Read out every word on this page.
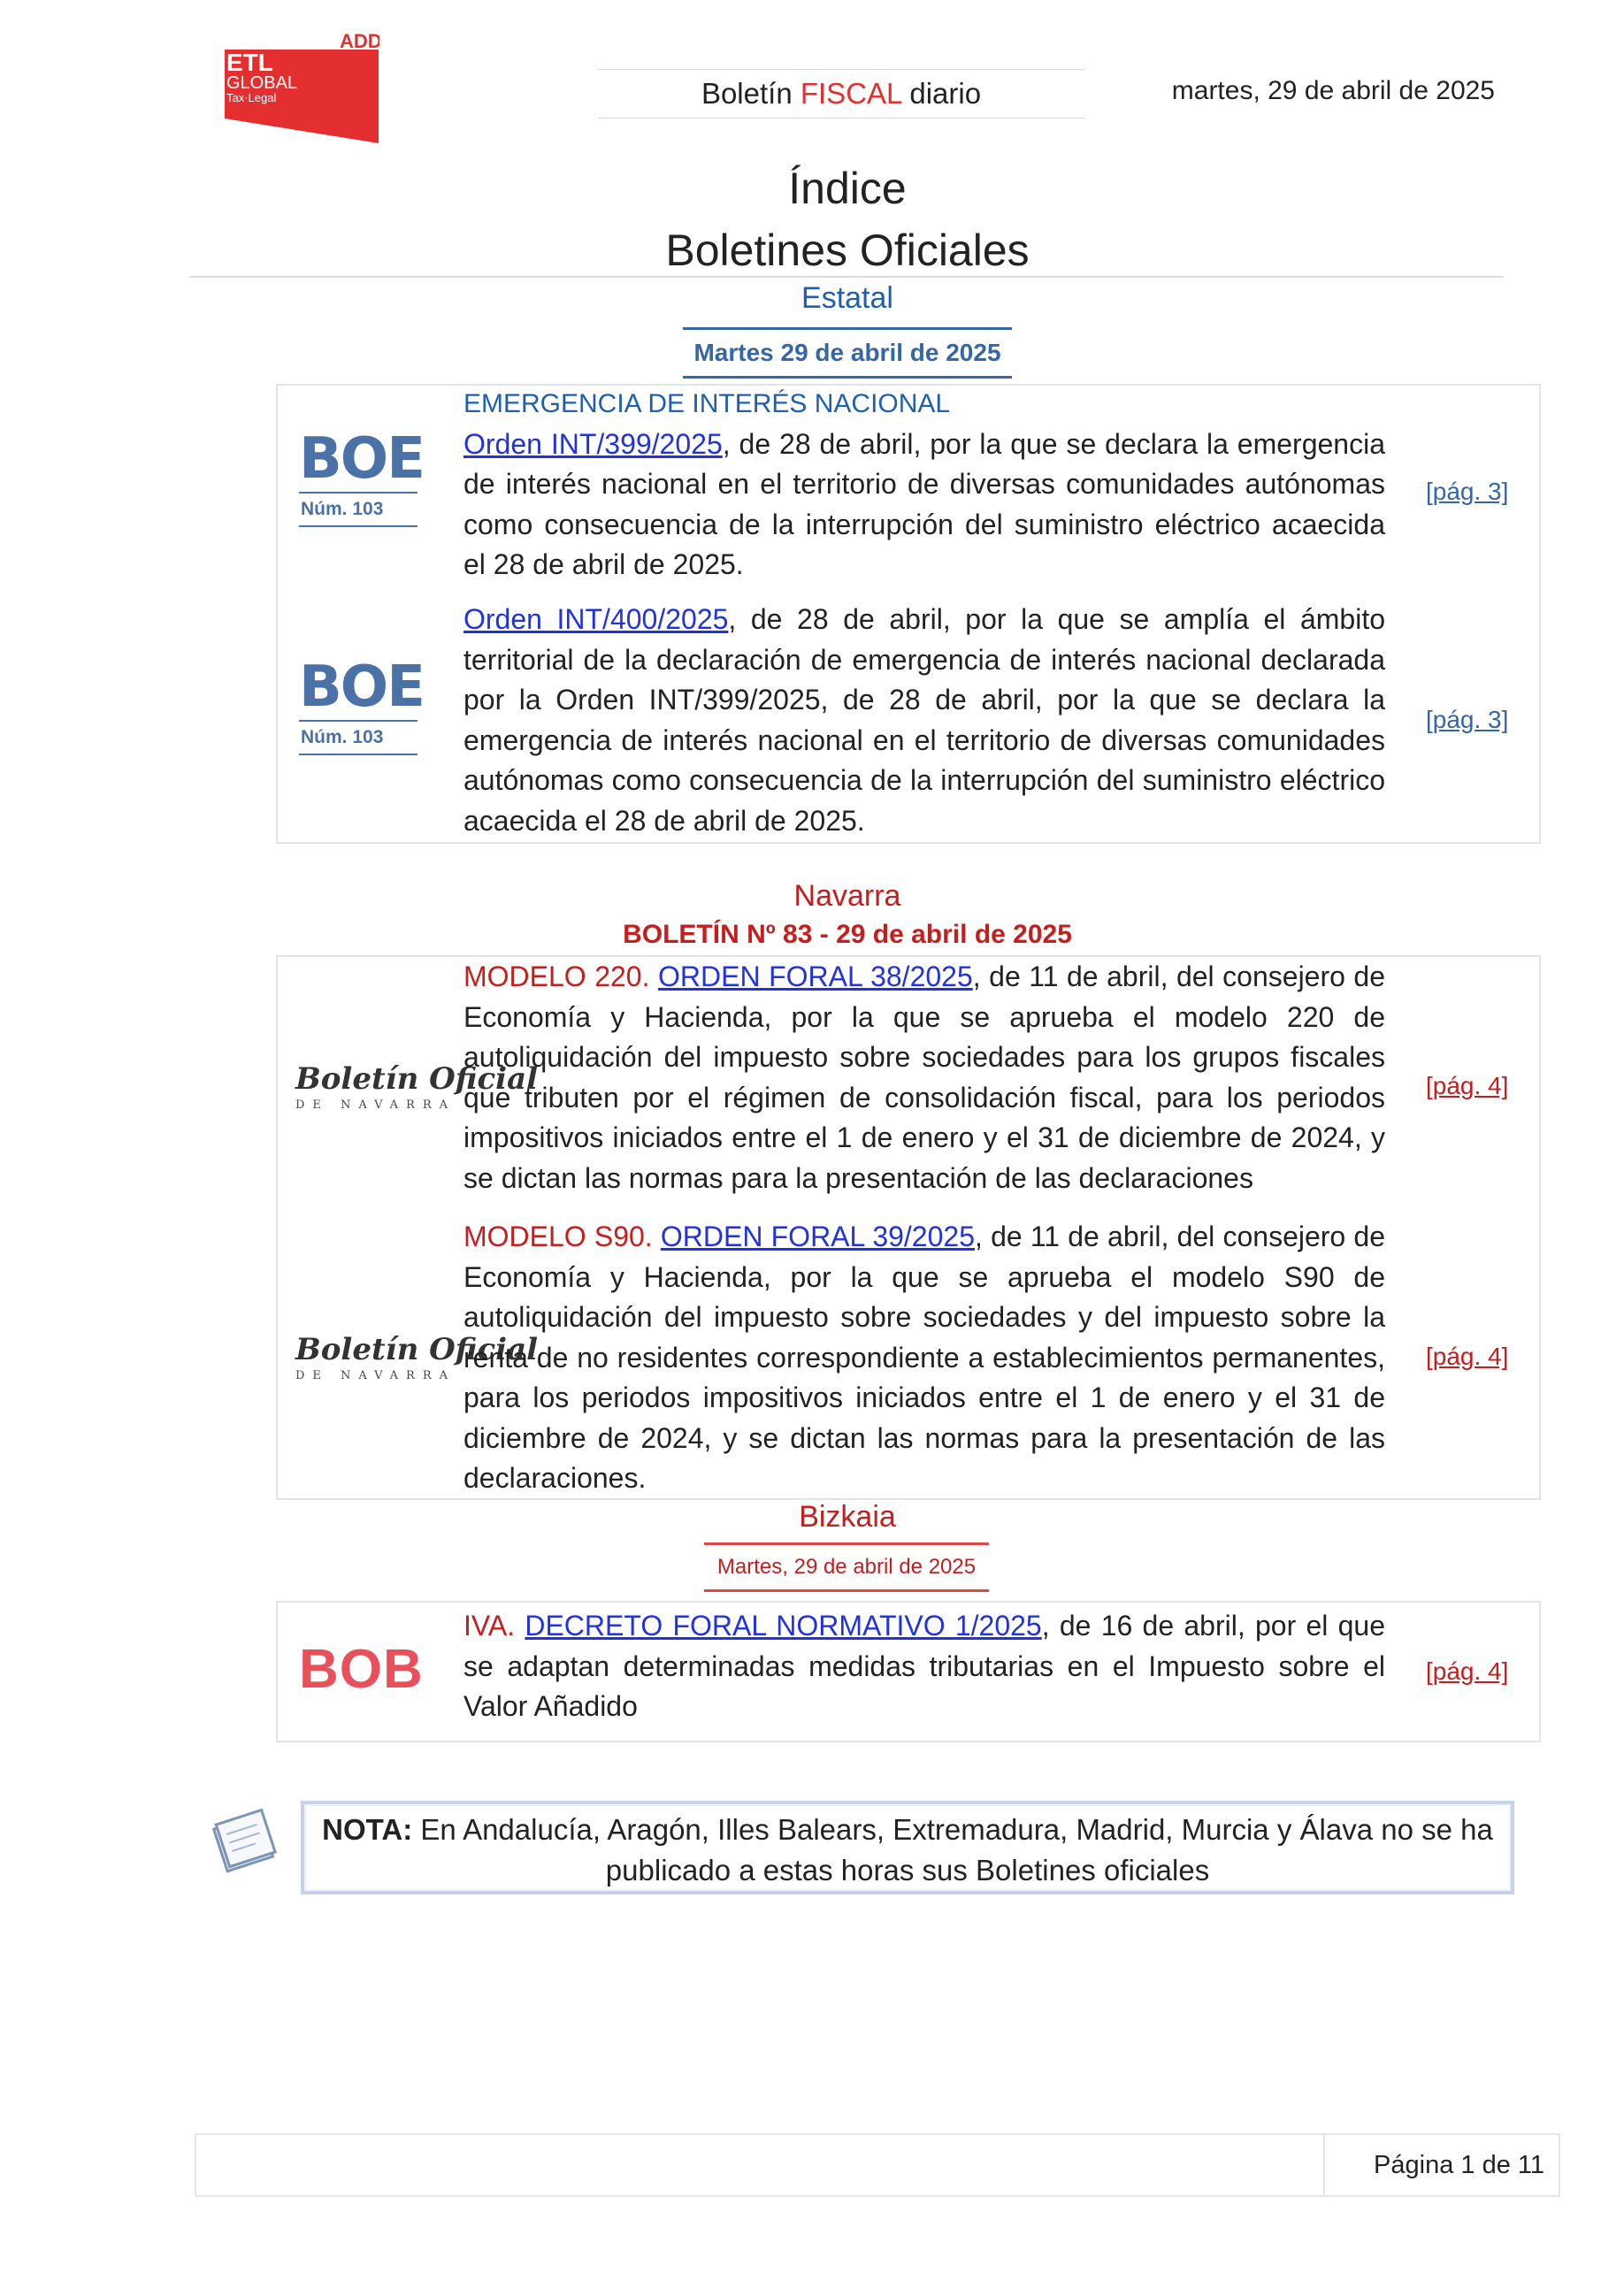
ADD
ETL
GLOBAL
Tax·Legal	Boletín FISCAL diario	martes, 29 de abril de 2025
Índice
Boletines Oficiales
Estatal
Martes 29 de abril de 2025
BOE
Núm. 103
EMERGENCIA DE INTERÉS NACIONAL
Orden INT/399/2025, de 28 de abril, por la que se declara la emergencia de interés nacional en el territorio de diversas comunidades autónomas como consecuencia de la interrupción del suministro eléctrico acaecida el 28 de abril de 2025.
[pág. 3]
BOE
Núm. 103
Orden INT/400/2025, de 28 de abril, por la que se amplía el ámbito territorial de la declaración de emergencia de interés nacional declarada por la Orden INT/399/2025, de 28 de abril, por la que se declara la emergencia de interés nacional en el territorio de diversas comunidades autónomas como consecuencia de la interrupción del suministro eléctrico acaecida el 28 de abril de 2025.
[pág. 3]
Navarra
BOLETÍN Nº 83 - 29 de abril de 2025
Boletín Oficial
DE NAVARRA
MODELO 220. ORDEN FORAL 38/2025, de 11 de abril, del consejero de Economía y Hacienda, por la que se aprueba el modelo 220 de autoliquidación del impuesto sobre sociedades para los grupos fiscales que tributen por el régimen de consolidación fiscal, para los periodos impositivos iniciados entre el 1 de enero y el 31 de diciembre de 2024, y se dictan las normas para la presentación de las declaraciones
[pág. 4]
Boletín Oficial
DE NAVARRA
MODELO S90. ORDEN FORAL 39/2025, de 11 de abril, del consejero de Economía y Hacienda, por la que se aprueba el modelo S90 de autoliquidación del impuesto sobre sociedades y del impuesto sobre la renta de no residentes correspondiente a establecimientos permanentes, para los periodos impositivos iniciados entre el 1 de enero y el 31 de diciembre de 2024, y se dictan las normas para la presentación de las declaraciones.
[pág. 4]
Bizkaia
Martes, 29 de abril de 2025
BOB
IVA. DECRETO FORAL NORMATIVO 1/2025, de 16 de abril, por el que se adaptan determinadas medidas tributarias en el Impuesto sobre el Valor Añadido
[pág. 4]
NOTA: En Andalucía, Aragón, Illes Balears, Extremadura, Madrid, Murcia y Álava no se ha publicado a estas horas sus Boletines oficiales
Página 1 de 11
